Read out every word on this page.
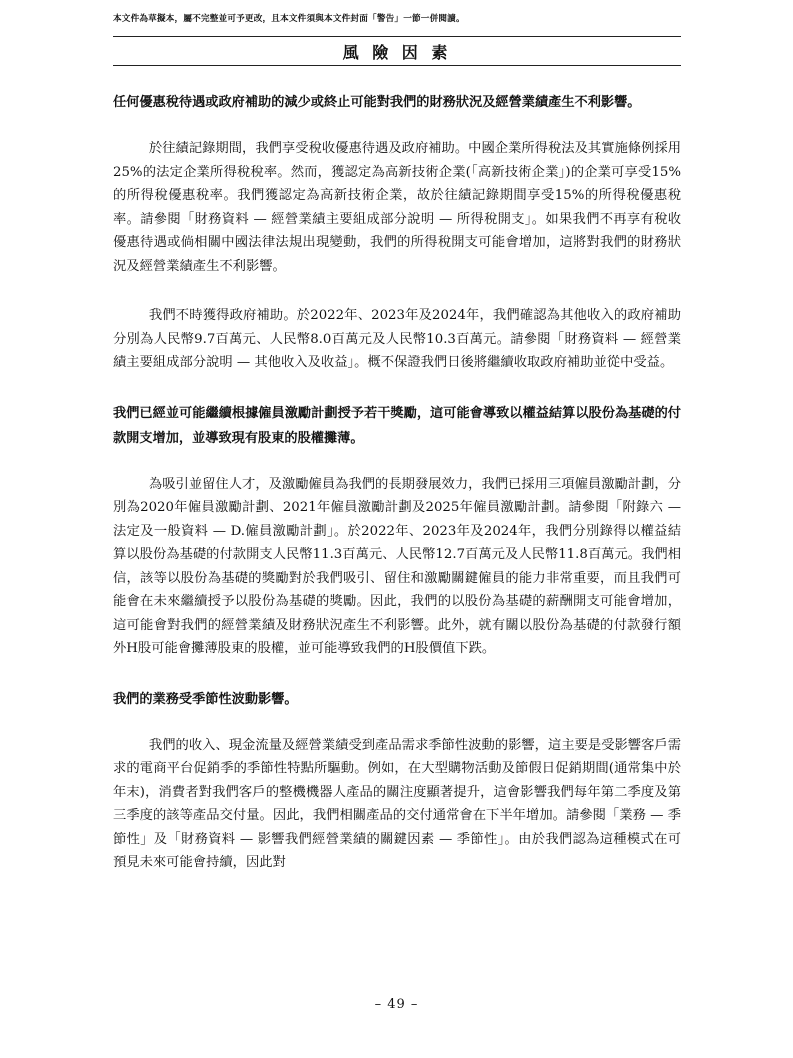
本文件為草擬本，屬不完整並可予更改，且本文件須與本文件封面「警告」一節一併閱讀。
風 險 因 素

任何優惠稅待遇或政府補助的減少或終止可能對我們的財務狀況及經營業績產生不利影響。

於往績記錄期間，我們享受稅收優惠待遇及政府補助。中國企業所得稅法及其實施條例採用25%的法定企業所得稅稅率。然而，獲認定為高新技術企業(「高新技術企業」)的企業可享受15%的所得稅優惠稅率。我們獲認定為高新技術企業，故於往績記錄期間享受15%的所得稅優惠稅率。請參閱「財務資料 — 經營業績主要組成部分說明 — 所得稅開支」。如果我們不再享有稅收優惠待遇或倘相關中國法律法規出現變動，我們的所得稅開支可能會增加，這將對我們的財務狀況及經營業績產生不利影響。

我們不時獲得政府補助。於2022年、2023年及2024年，我們確認為其他收入的政府補助分別為人民幣9.7百萬元、人民幣8.0百萬元及人民幣10.3百萬元。請參閱「財務資料 — 經營業績主要組成部分說明 — 其他收入及收益」。概不保證我們日後將繼續收取政府補助並從中受益。

我們已經並可能繼續根據僱員激勵計劃授予若干獎勵，這可能會導致以權益結算以股份為基礎的付款開支增加，並導致現有股東的股權攤薄。

為吸引並留住人才，及激勵僱員為我們的長期發展效力，我們已採用三項僱員激勵計劃，分別為2020年僱員激勵計劃、2021年僱員激勵計劃及2025年僱員激勵計劃。請參閱「附錄六 — 法定及一般資料 — D.僱員激勵計劃」。於2022年、2023年及2024年，我們分別錄得以權益結算以股份為基礎的付款開支人民幣11.3百萬元、人民幣12.7百萬元及人民幣11.8百萬元。我們相信，該等以股份為基礎的獎勵對於我們吸引、留住和激勵關鍵僱員的能力非常重要，而且我們可能會在未來繼續授予以股份為基礎的獎勵。因此，我們的以股份為基礎的薪酬開支可能會增加，這可能會對我們的經營業績及財務狀況產生不利影響。此外，就有關以股份為基礎的付款發行額外H股可能會攤薄股東的股權，並可能導致我們的H股價值下跌。

我們的業務受季節性波動影響。

我們的收入、現金流量及經營業績受到產品需求季節性波動的影響，這主要是受影響客戶需求的電商平台促銷季的季節性特點所驅動。例如，在大型購物活動及節假日促銷期間(通常集中於年末)，消費者對我們客戶的整機機器人產品的關注度顯著提升，這會影響我們每年第二季度及第三季度的該等產品交付量。因此，我們相關產品的交付通常會在下半年增加。請參閱「業務 — 季節性」及「財務資料 — 影響我們經營業績的關鍵因素 — 季節性」。由於我們認為這種模式在可預見未來可能會持續，因此對

– 49 –
